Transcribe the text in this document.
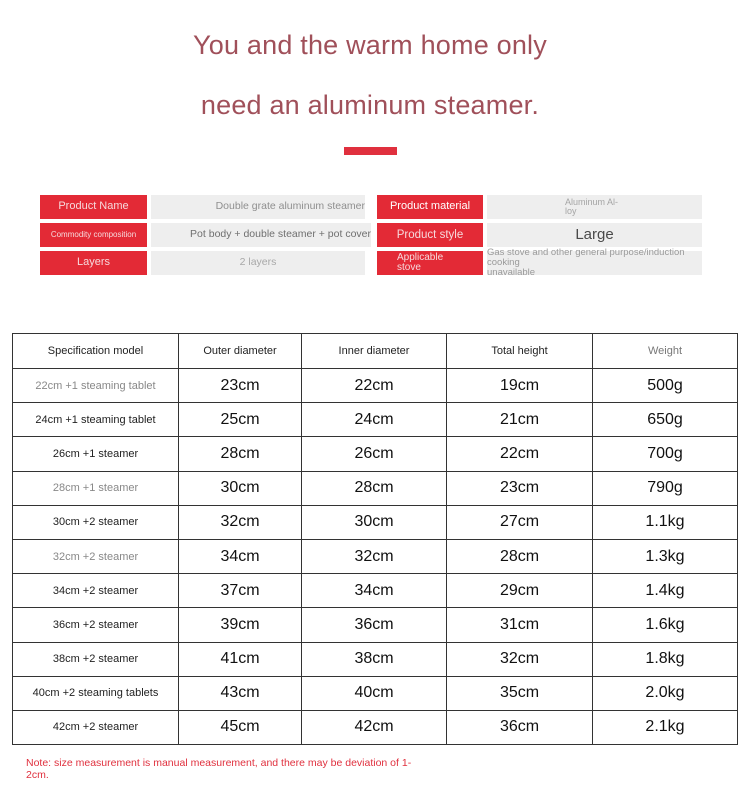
You and the warm home only
need an aluminum steamer.
Product Name	Double grate aluminum steamer
Commodity composition	Pot body + double steamer + pot cover
Layers	2 layers
Product material	Aluminum Al-
loy
Product style	Large
Applicable
stove
Gas stove and other general purpose/induction cooking
unavailable
Specification model	Outer diameter	Inner diameter	Total height	Weight
22cm +1 steaming tablet	23cm	22cm	19cm	500g
24cm +1 steaming tablet	25cm	24cm	21cm	650g
26cm +1 steamer	28cm	26cm	22cm	700g
28cm +1 steamer	30cm	28cm	23cm	790g
30cm +2 steamer	32cm	30cm	27cm	1.1kg
32cm +2 steamer	34cm	32cm	28cm	1.3kg
34cm +2 steamer	37cm	34cm	29cm	1.4kg
36cm +2 steamer	39cm	36cm	31cm	1.6kg
38cm +2 steamer	41cm	38cm	32cm	1.8kg
40cm +2 steaming tablets	43cm	40cm	35cm	2.0kg
42cm +2 steamer	45cm	42cm	36cm	2.1kg
Note: size measurement is manual measurement, and there may be deviation of 1-2cm.
